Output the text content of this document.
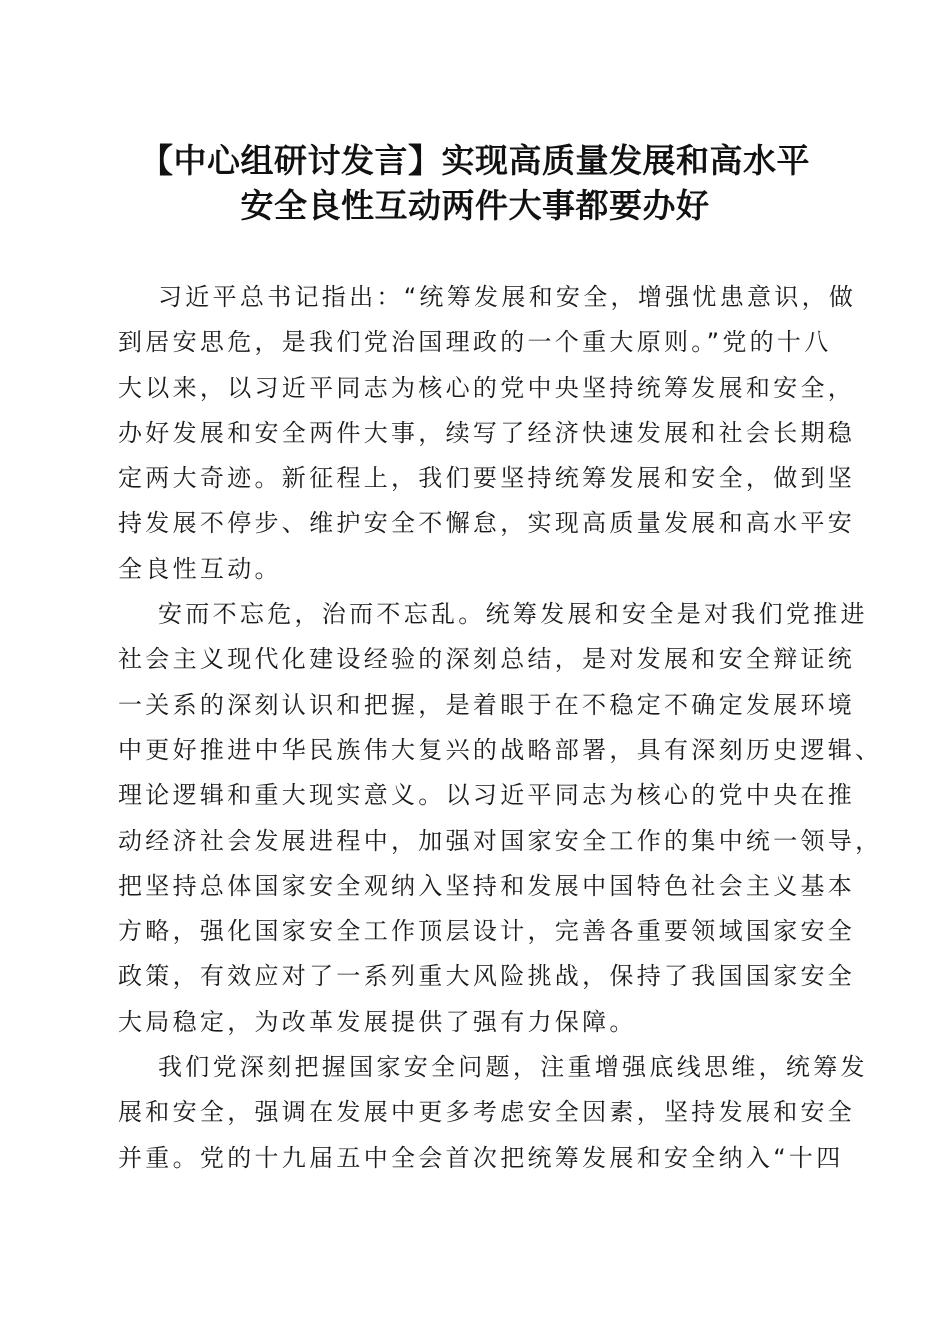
【中心组研讨发言】实现高质量发展和高水平
安全良性互动两件大事都要办好
习近平总书记指出：“统筹发展和安全，增强忧患意识，做
到居安思危，是我们党治国理政的一个重大原则。”党的十八
大以来，以习近平同志为核心的党中央坚持统筹发展和安全，
办好发展和安全两件大事，续写了经济快速发展和社会长期稳
定两大奇迹。新征程上，我们要坚持统筹发展和安全，做到坚
持发展不停步、维护安全不懈怠，实现高质量发展和高水平安
全良性互动。
安而不忘危，治而不忘乱。统筹发展和安全是对我们党推进
社会主义现代化建设经验的深刻总结，是对发展和安全辩证统
一关系的深刻认识和把握，是着眼于在不稳定不确定发展环境
中更好推进中华民族伟大复兴的战略部署，具有深刻历史逻辑、
理论逻辑和重大现实意义。以习近平同志为核心的党中央在推
动经济社会发展进程中，加强对国家安全工作的集中统一领导，
把坚持总体国家安全观纳入坚持和发展中国特色社会主义基本
方略，强化国家安全工作顶层设计，完善各重要领域国家安全
政策，有效应对了一系列重大风险挑战，保持了我国国家安全
大局稳定，为改革发展提供了强有力保障。
我们党深刻把握国家安全问题，注重增强底线思维，统筹发
展和安全，强调在发展中更多考虑安全因素，坚持发展和安全
并重。党的十九届五中全会首次把统筹发展和安全纳入“十四
